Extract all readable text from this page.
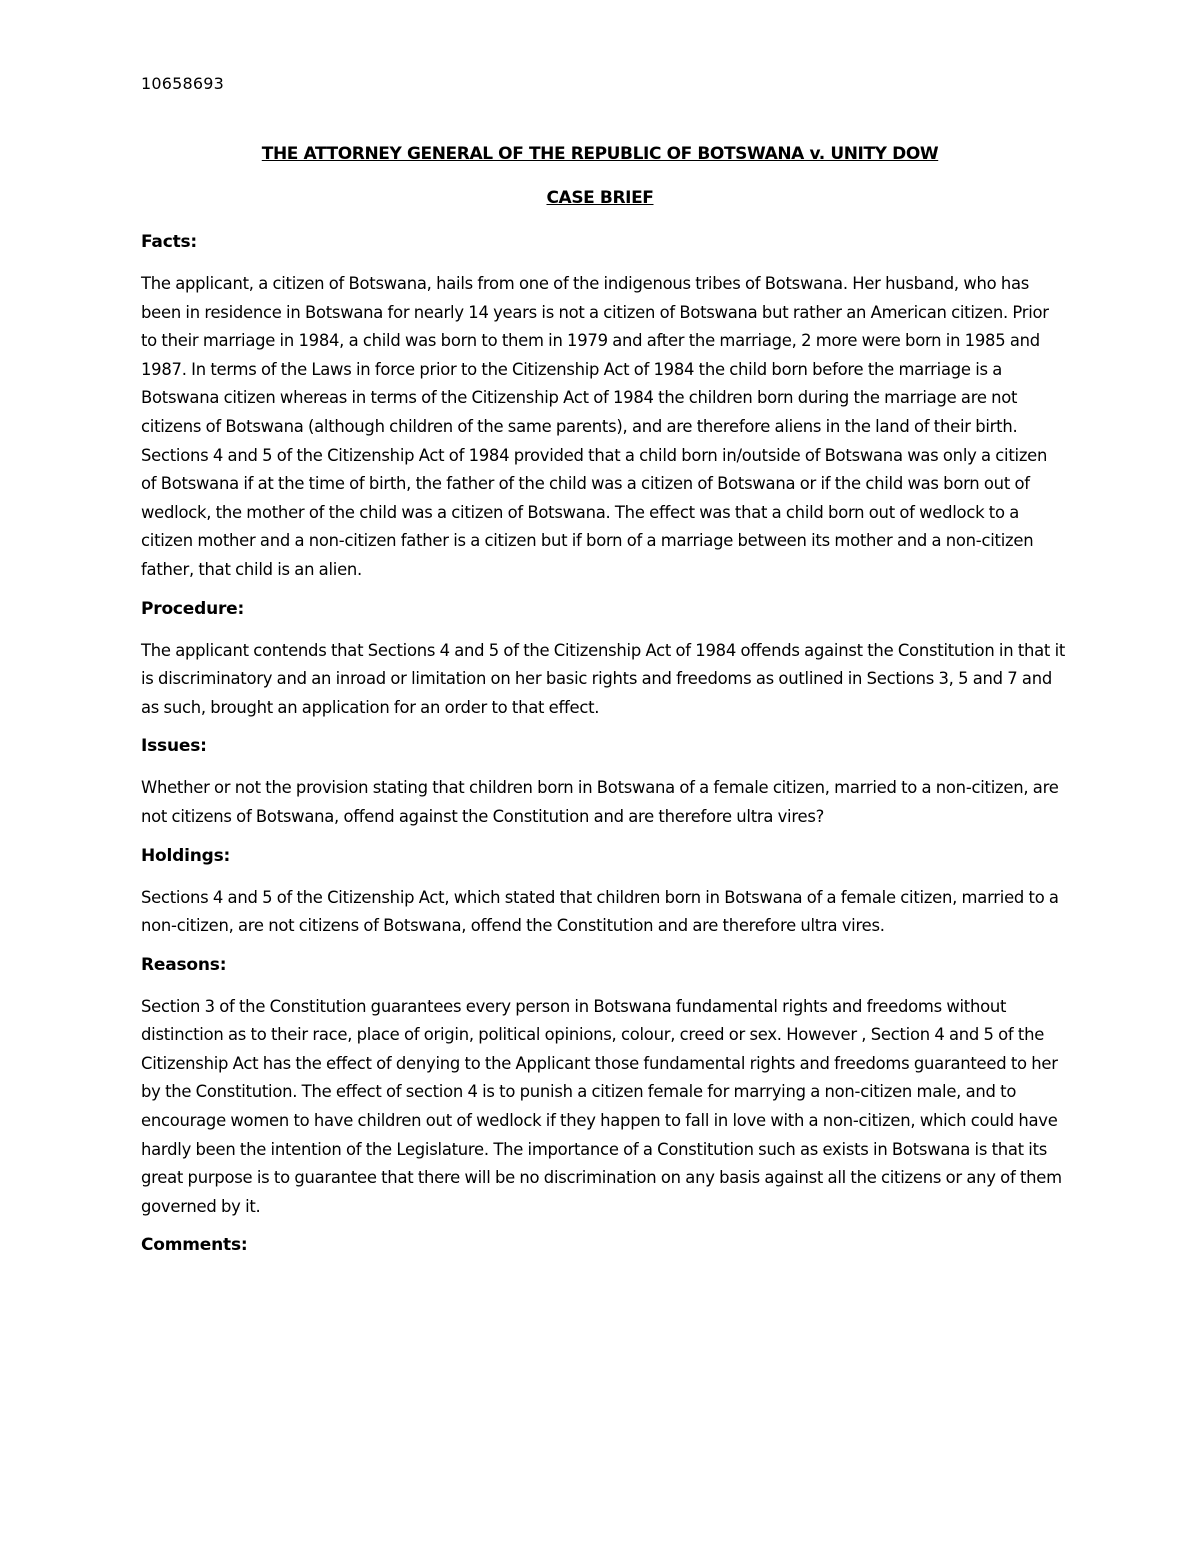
10658693
THE ATTORNEY GENERAL OF THE REPUBLIC OF BOTSWANA v. UNITY DOW
CASE BRIEF
Facts:

The applicant, a citizen of Botswana, hails from one of the indigenous tribes of Botswana. Her husband, who has been in residence in Botswana for nearly 14 years is not a citizen of Botswana but rather an American citizen. Prior to their marriage in 1984, a child was born to them in 1979 and after the marriage, 2 more were born in 1985 and 1987. In terms of the Laws in force prior to the Citizenship Act of 1984 the child born before the marriage is a Botswana citizen whereas in terms of the Citizenship Act of 1984 the children born during the marriage are not citizens of Botswana (although children of the same parents), and are therefore aliens in the land of their birth. Sections 4 and 5 of the Citizenship Act of 1984 provided that a child born in/outside of Botswana was only a citizen of Botswana if at the time of birth, the father of the child was a citizen of Botswana or if the child was born out of wedlock, the mother of the child was a citizen of Botswana. The effect was that a child born out of wedlock to a citizen mother and a non-citizen father is a citizen but if born of a marriage between its mother and a non-citizen father, that child is an alien.

Procedure:

The applicant contends that Sections 4 and 5 of the Citizenship Act of 1984 offends against the Constitution in that it is discriminatory and an inroad or limitation on her basic rights and freedoms as outlined in Sections 3, 5 and 7 and as such, brought an application for an order to that effect.

Issues:

Whether or not the provision stating that children born in Botswana of a female citizen, married to a non-citizen, are not citizens of Botswana, offend against the Constitution and are therefore ultra vires?

Holdings:

Sections 4 and 5 of the Citizenship Act, which stated that children born in Botswana of a female citizen, married to a non-citizen, are not citizens of Botswana, offend the Constitution and are therefore ultra vires.

Reasons:

Section 3 of the Constitution guarantees every person in Botswana fundamental rights and freedoms without distinction as to their race, place of origin, political opinions, colour, creed or sex. However , Section 4 and 5 of the Citizenship Act has the effect of denying to the Applicant those fundamental rights and freedoms guaranteed to her by the Constitution. The effect of section 4 is to punish a citizen female for marrying a non-citizen male, and to encourage women to have children out of wedlock if they happen to fall in love with a non-citizen, which could have hardly been the intention of the Legislature. The importance of a Constitution such as exists in Botswana is that its great purpose is to guarantee that there will be no discrimination on any basis against all the citizens or any of them governed by it.

Comments:
